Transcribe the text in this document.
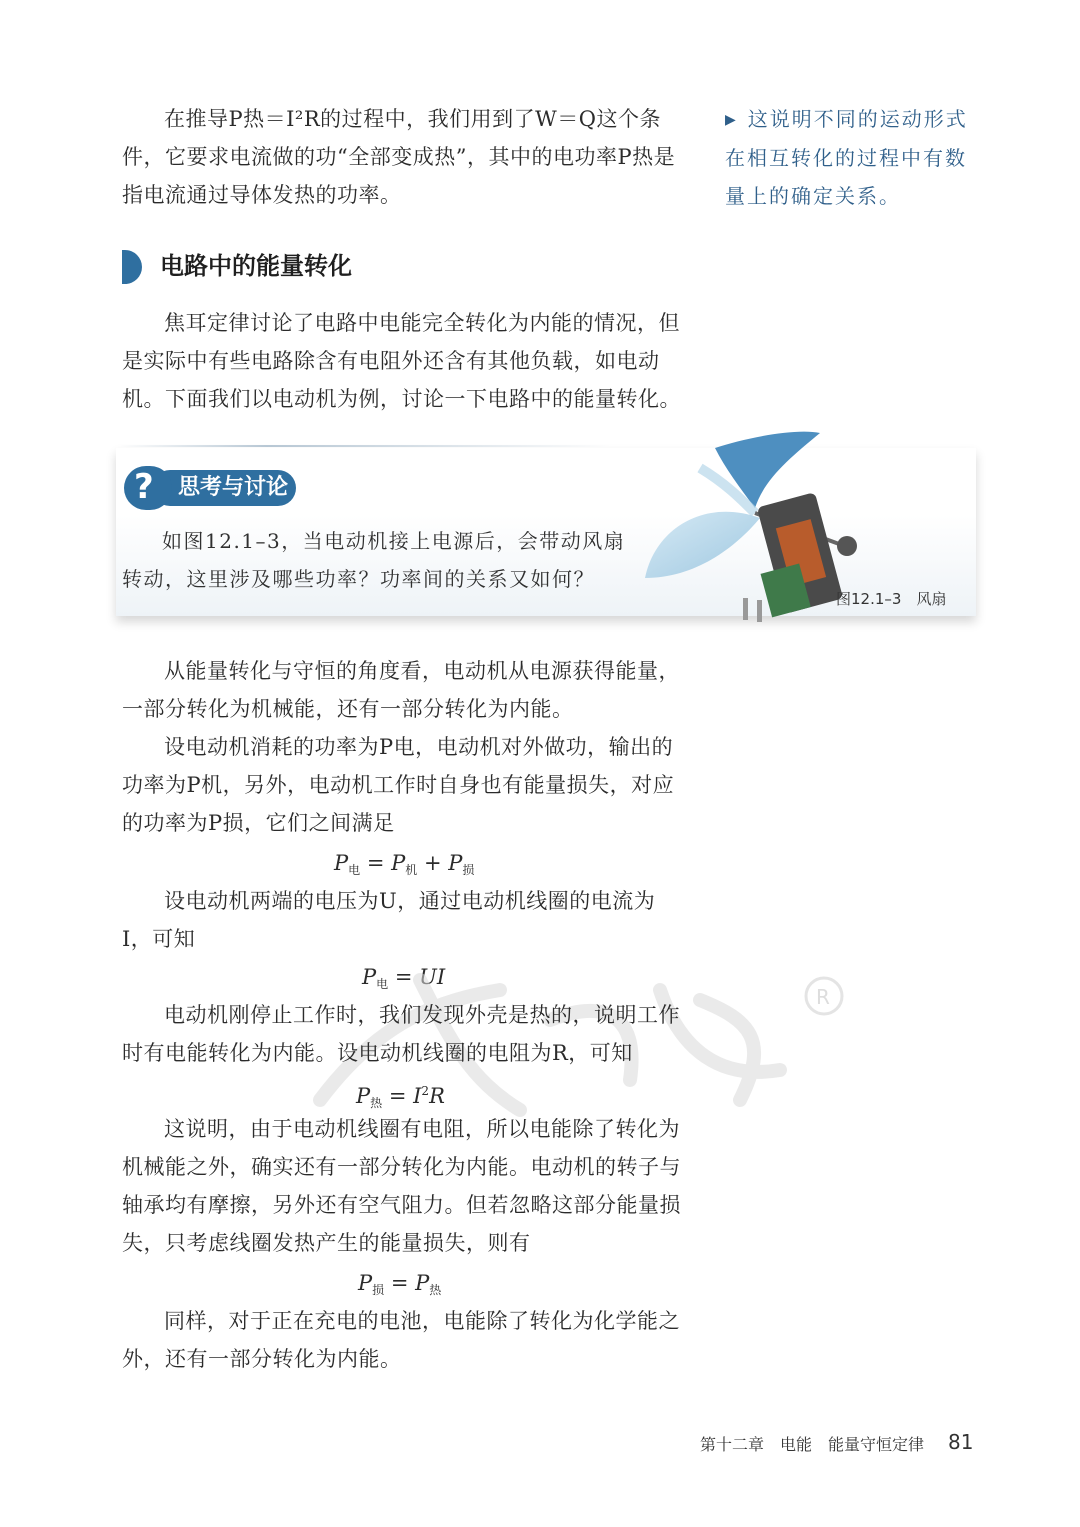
在推导P热＝I²R的过程中，我们用到了W＝Q这个条件，它要求电流做的功“全部变成热”，其中的电功率P热是指电流通过导体发热的功率。

▶ 这说明不同的运动形式在相互转化的过程中有数量上的确定关系。
电路中的能量转化

焦耳定律讨论了电路中电能完全转化为内能的情况，但是实际中有些电路除含有电阻外还含有其他负载，如电动机。下面我们以电动机为例，讨论一下电路中的能量转化。

? 思考与讨论

如图12.1–3，当电动机接上电源后，会带动风扇转动，这里涉及哪些功率？功率间的关系又如何？

图12.1–3　风扇

从能量转化与守恒的角度看，电动机从电源获得能量，一部分转化为机械能，还有一部分转化为内能。

设电动机消耗的功率为P电，电动机对外做功，输出的功率为P机，另外，电动机工作时自身也有能量损失，对应的功率为P损，它们之间满足

$P_电 = P_机 + P_损$

设电动机两端的电压为U，通过电动机线圈的电流为I，可知

$P_电$ = UI

R

电动机刚停止工作时，我们发现外壳是热的，说明工作时有电能转化为内能。设电动机线圈的电阻为R，可知

$P_热 = I^2R$

这说明，由于电动机线圈有电阻，所以电能除了转化为机械能之外，确实还有一部分转化为内能。电动机的转子与轴承均有摩擦，另外还有空气阻力。但若忽略这部分能量损失，只考虑线圈发热产生的能量损失，则有

$P_损 = P_热$

同样，对于正在充电的电池，电能除了转化为化学能之外，还有一部分转化为内能。

第十二章　电能　能量守恒定律	81
